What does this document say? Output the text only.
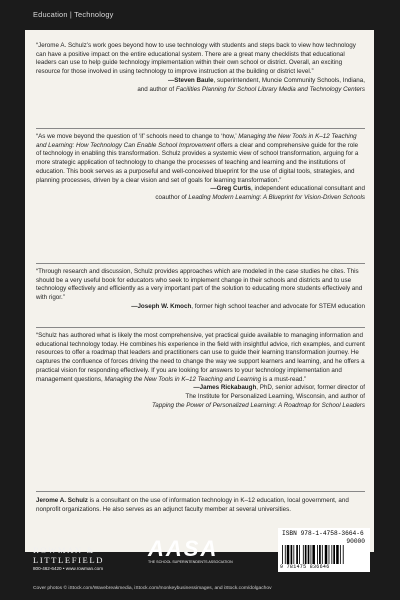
Education | Technology

“Jerome A. Schulz’s work goes beyond how to use technology with students and steps back to view how technology can have a positive impact on the entire educational system. There are a great many checklists that educational leaders can use to help guide technology implementation within their own school or district. Overall, an exciting resource for those involved in using technology to improve instruction at the building or district level.”

—Steven Baule, superintendent, Muncie Community Schools, Indiana,
and author of Facilities Planning for School Library Media and Technology Centers

“As we move beyond the question of ‘if’ schools need to change to ‘how,’ Managing the New Tools in K–12 Teaching and Learning: How Technology Can Enable School Improvement offers a clear and comprehensive guide for the role of technology in enabling this transformation. Schulz provides a systemic view of school transformation, arguing for a more strategic application of technology to change the processes of teaching and learning and the institutions of education. This book serves as a purposeful and well-conceived blueprint for the use of digital tools, strategies, and planning processes, driven by a clear vision and set of goals for learning transformation.”

—Greg Curtis, independent educational consultant and
coauthor of Leading Modern Learning: A Blueprint for Vision-Driven Schools

“Through research and discussion, Schulz provides approaches which are modeled in the case studies he cites. This should be a very useful book for educators who seek to implement change in their schools and districts and to use technology effectively and efficiently as a very important part of the solution to educating more students effectively and with rigor.”

—Joseph W. Kmoch, former high school teacher and advocate for STEM education

“Schulz has authored what is likely the most comprehensive, yet practical guide available to managing information and educational technology today. He combines his experience in the field with insightful advice, rich examples, and current resources to offer a roadmap that leaders and practitioners can use to guide their learning transformation journey. He captures the confluence of forces driving the need to change the way we support learners and learning, and he offers a practical vision for responding effectively. If you are looking for answers to your technology implementation and management questions, Managing the New Tools in K–12 Teaching and Learning is a must-read.”

—James Rickabaugh, PhD, senior advisor, former director of
The Institute for Personalized Learning, Wisconsin, and author of
Tapping the Power of Personalized Learning: A Roadmap for School Leaders
Jerome A. Schulz is a consultant on the use of information technology in K–12 education, local government, and nonprofit organizations. He also serves as an adjunct faculty member at several universities.
ROWMAN &
LITTLEFIELD
800-462-6420 • www.rowman.com
AASA
THE SCHOOL SUPERINTENDENTS ASSOCIATION
ISBN 978-1-4758-3664-6
90000
9 781475 836646
Cover photos © iStock.com/Wavebreakmedia, iStock.com/monkeybusinessimages, and iStock.com/dolgachov
